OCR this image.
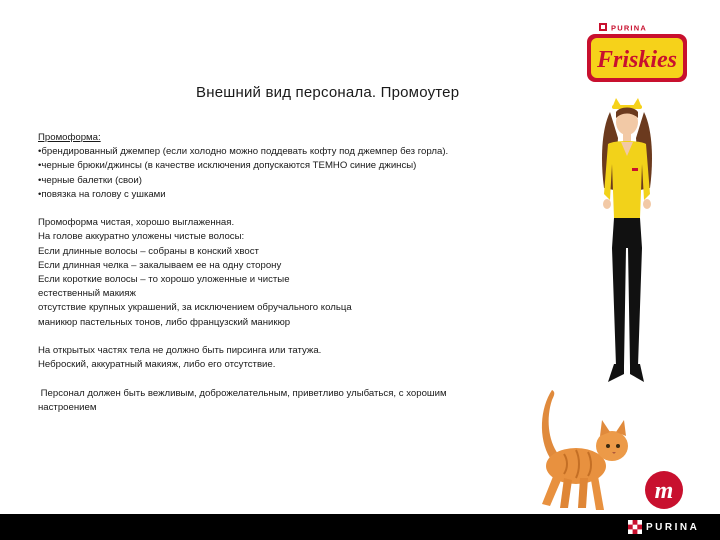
PURINA
Friskies
Внешний вид персонала. Промоутер

Промоформа:

•брендированный джемпер (если холодно можно поддевать кофту под джемпер без горла).

•черные брюки/джинсы (в качестве исключения допускаются ТЕМНО синие джинсы)

•черные балетки (свои)

•повязка на голову с ушками

Промоформа чистая, хорошо выглаженная.

На голове аккуратно уложены чистые волосы:

Если длинные волосы – собраны в конский хвост

Если длинная челка – закалываем ее на одну сторону

Если короткие волосы – то хорошо уложенные и чистые

естественный макияж

отсутствие крупных украшений, за исключением обручального кольца

маникюр пастельных тонов, либо французский маникюр

На открытых частях тела не должно быть пирсинга или татужа.

Неброский, аккуратный макияж, либо его отсутствие.

Персонал должен быть вежливым, доброжелательным, приветливо улыбаться, с хорошим

настроением

m
PURINA
